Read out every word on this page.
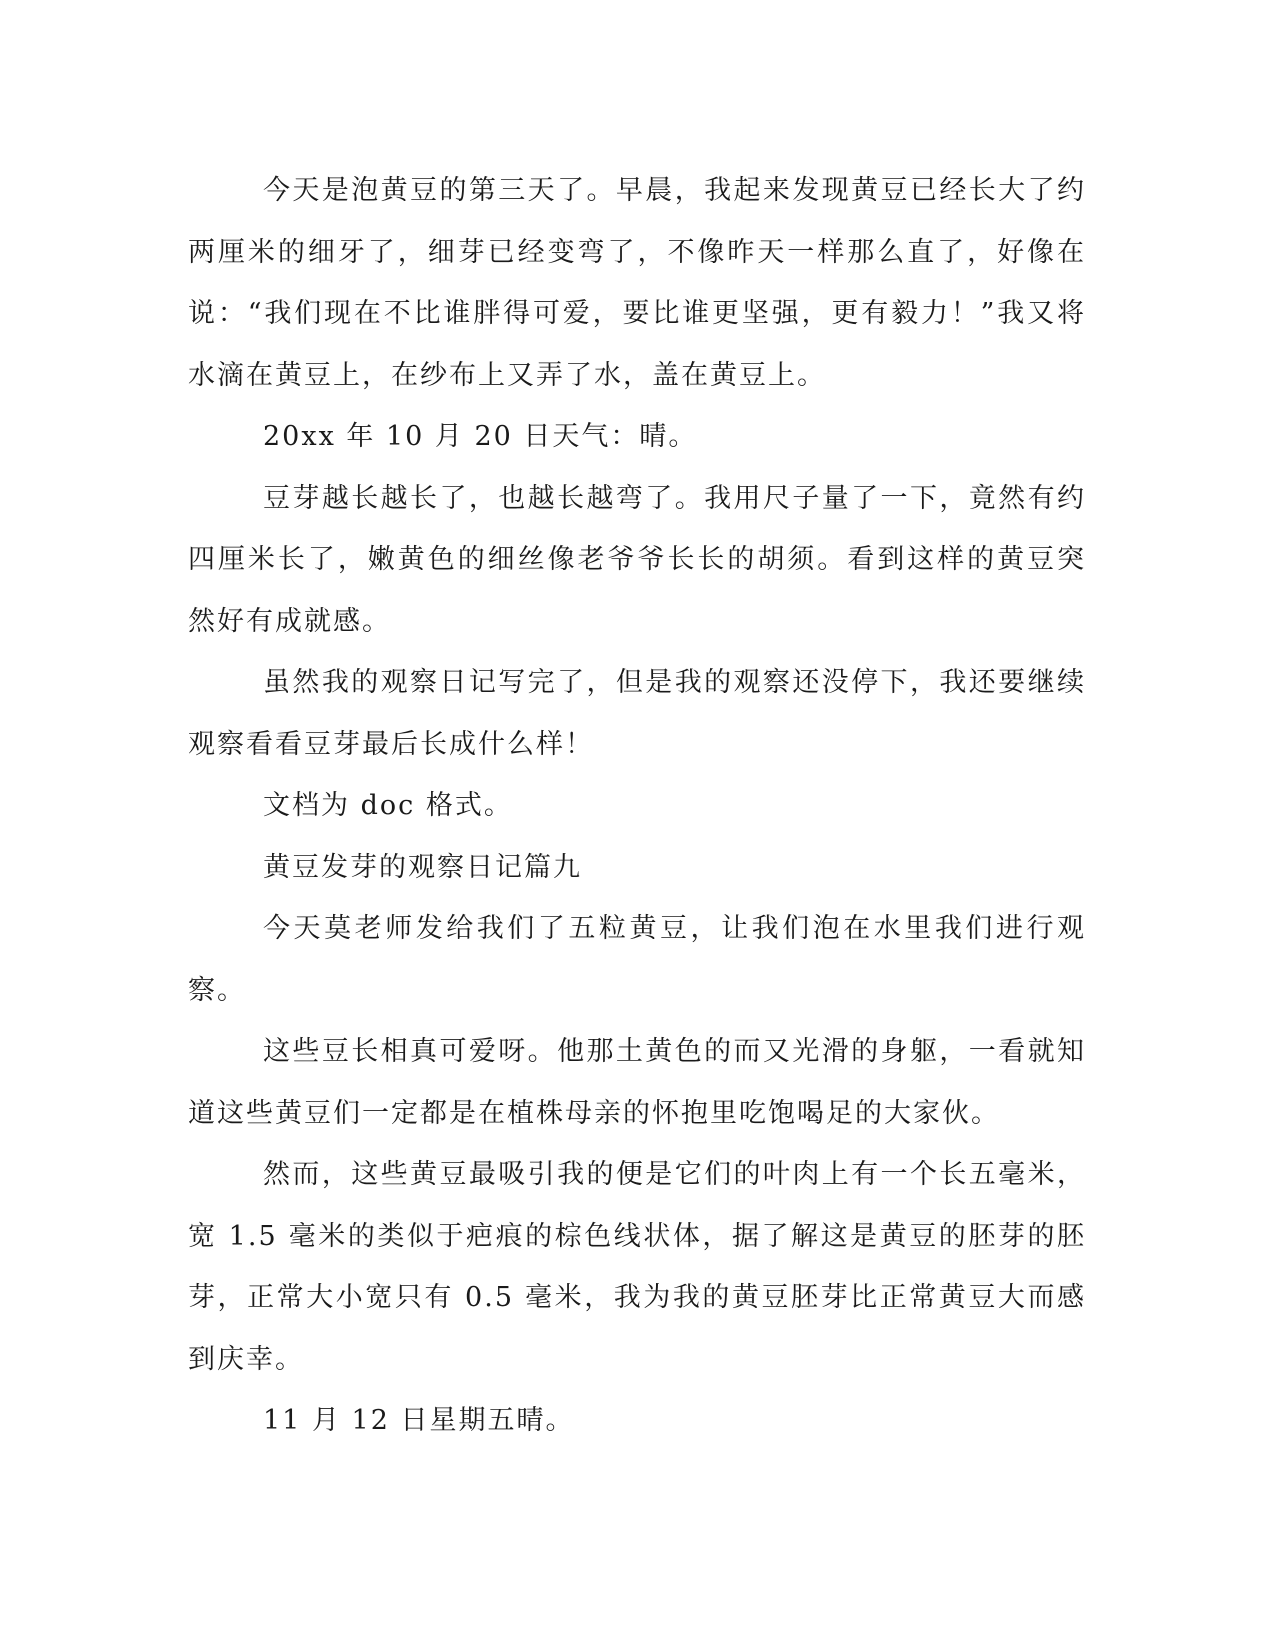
今天是泡黄豆的第三天了。早晨，我起来发现黄豆已经长大了约两厘米的细牙了，细芽已经变弯了，不像昨天一样那么直了，好像在说：“我们现在不比谁胖得可爱，要比谁更坚强，更有毅力！”我又将水滴在黄豆上，在纱布上又弄了水，盖在黄豆上。

20xx 年 10 月 20 日天气：晴。

豆芽越长越长了，也越长越弯了。我用尺子量了一下，竟然有约四厘米长了，嫩黄色的细丝像老爷爷长长的胡须。看到这样的黄豆突然好有成就感。

虽然我的观察日记写完了，但是我的观察还没停下，我还要继续观察看看豆芽最后长成什么样！

文档为 doc 格式。

黄豆发芽的观察日记篇九

今天莫老师发给我们了五粒黄豆，让我们泡在水里我们进行观察。

这些豆长相真可爱呀。他那土黄色的而又光滑的身躯，一看就知道这些黄豆们一定都是在植株母亲的怀抱里吃饱喝足的大家伙。

然而，这些黄豆最吸引我的便是它们的叶肉上有一个长五毫米，宽 1.5 毫米的类似于疤痕的棕色线状体，据了解这是黄豆的胚芽的胚芽，正常大小宽只有 0.5 毫米，我为我的黄豆胚芽比正常黄豆大而感到庆幸。

11 月 12 日星期五晴。
